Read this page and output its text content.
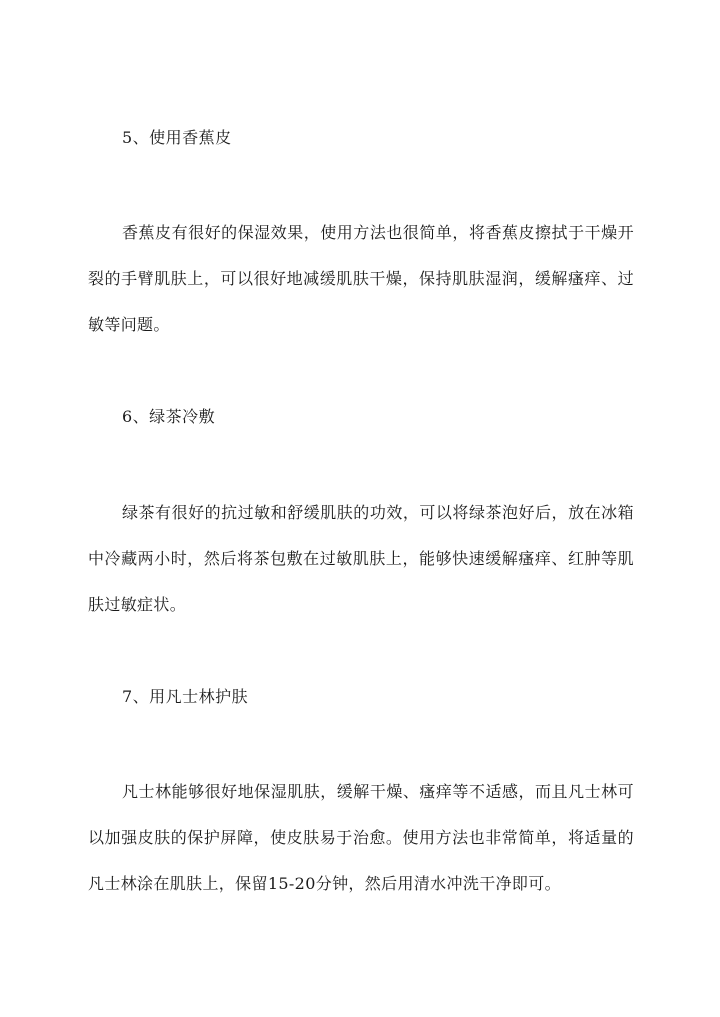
5、使用香蕉皮
香蕉皮有很好的保湿效果，使用方法也很简单，将香蕉皮擦拭于干燥开裂的手臂肌肤上，可以很好地减缓肌肤干燥，保持肌肤湿润，缓解瘙痒、过敏等问题。
6、绿茶冷敷
绿茶有很好的抗过敏和舒缓肌肤的功效，可以将绿茶泡好后，放在冰箱中冷藏两小时，然后将茶包敷在过敏肌肤上，能够快速缓解瘙痒、红肿等肌肤过敏症状。
7、用凡士林护肤
凡士林能够很好地保湿肌肤，缓解干燥、瘙痒等不适感，而且凡士林可以加强皮肤的保护屏障，使皮肤易于治愈。使用方法也非常简单，将适量的凡士林涂在肌肤上，保留15-20分钟，然后用清水冲洗干净即可。
